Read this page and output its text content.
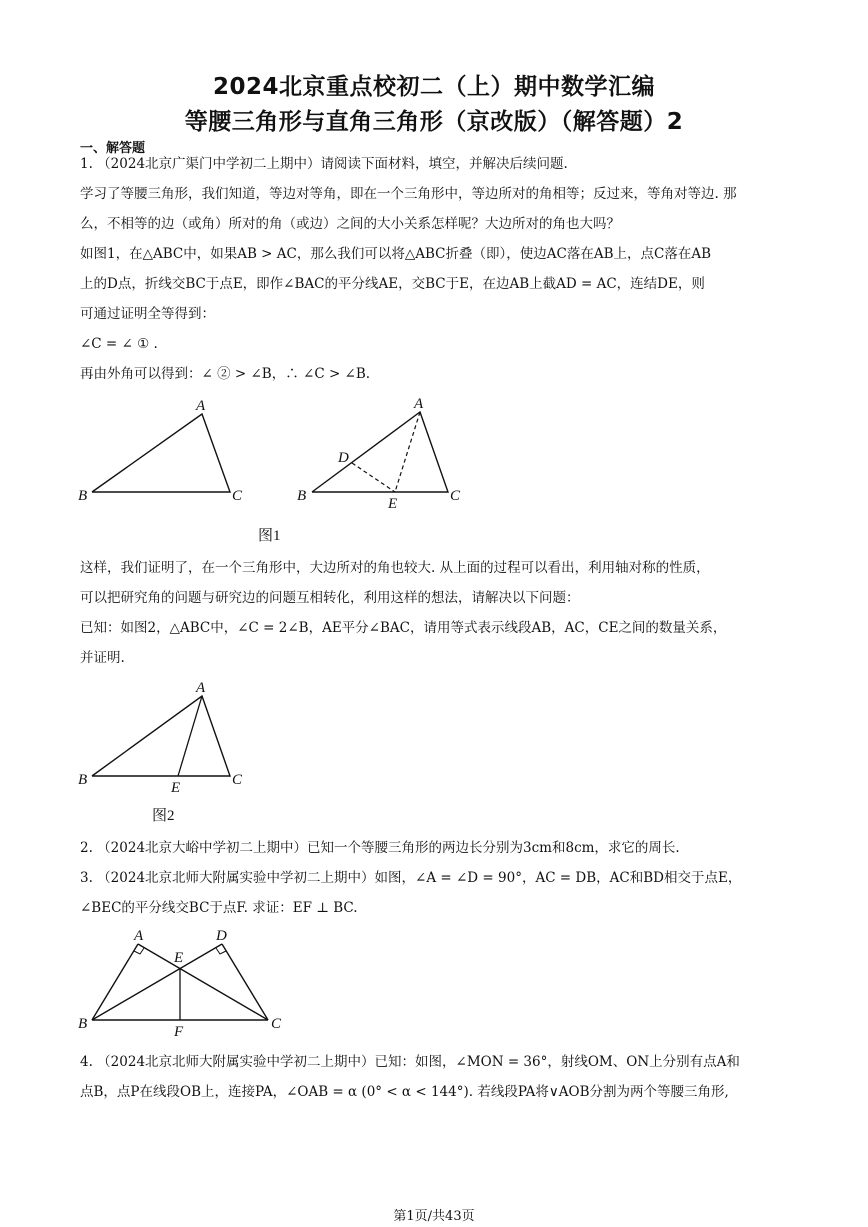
2024北京重点校初二（上）期中数学汇编
等腰三角形与直角三角形（京改版）（解答题）2
一、解答题
1. （2024北京广渠门中学初二上期中）请阅读下面材料，填空，并解决后续问题.
学习了等腰三角形，我们知道，等边对等角，即在一个三角形中，等边所对的角相等；反过来，等角对等边. 那
么，不相等的边（或角）所对的角（或边）之间的大小关系怎样呢？大边所对的角也大吗？
如图1，在△ABC中，如果AB > AC，那么我们可以将△ABC折叠（即），使边AC落在AB上，点C落在AB
上的D点，折线交BC于点E，即作∠BAC的平分线AE，交BC于E，在边AB上截AD = AC，连结DE，则
可通过证明全等得到：
∠C = ∠ ① .
再由外角可以得到：∠ ② > ∠B，∴ ∠C > ∠B.
A
B	C
A
B	C
D
E
图1
这样，我们证明了，在一个三角形中，大边所对的角也较大. 从上面的过程可以看出，利用轴对称的性质，
可以把研究角的问题与研究边的问题互相转化，利用这样的想法，请解决以下问题：
已知：如图2，△ABC中，∠C = 2∠B，AE平分∠BAC，请用等式表示线段AB，AC，CE之间的数量关系，
并证明.
A
B	C
E
图2
2. （2024北京大峪中学初二上期中）已知一个等腰三角形的两边长分别为3cm和8cm，求它的周长.
3. （2024北京北师大附属实验中学初二上期中）如图，∠A = ∠D = 90°，AC = DB，AC和BD相交于点E，
∠BEC的平分线交BC于点F. 求证：EF ⊥ BC.
A	D
E
B	C
F
4. （2024北京北师大附属实验中学初二上期中）已知：如图，∠MON = 36°，射线OM、ON上分别有点A和
点B，点P在线段OB上，连接PA，∠OAB = α (0° < α < 144°). 若线段PA将∨AOB分割为两个等腰三角形,
第1页/共43页
